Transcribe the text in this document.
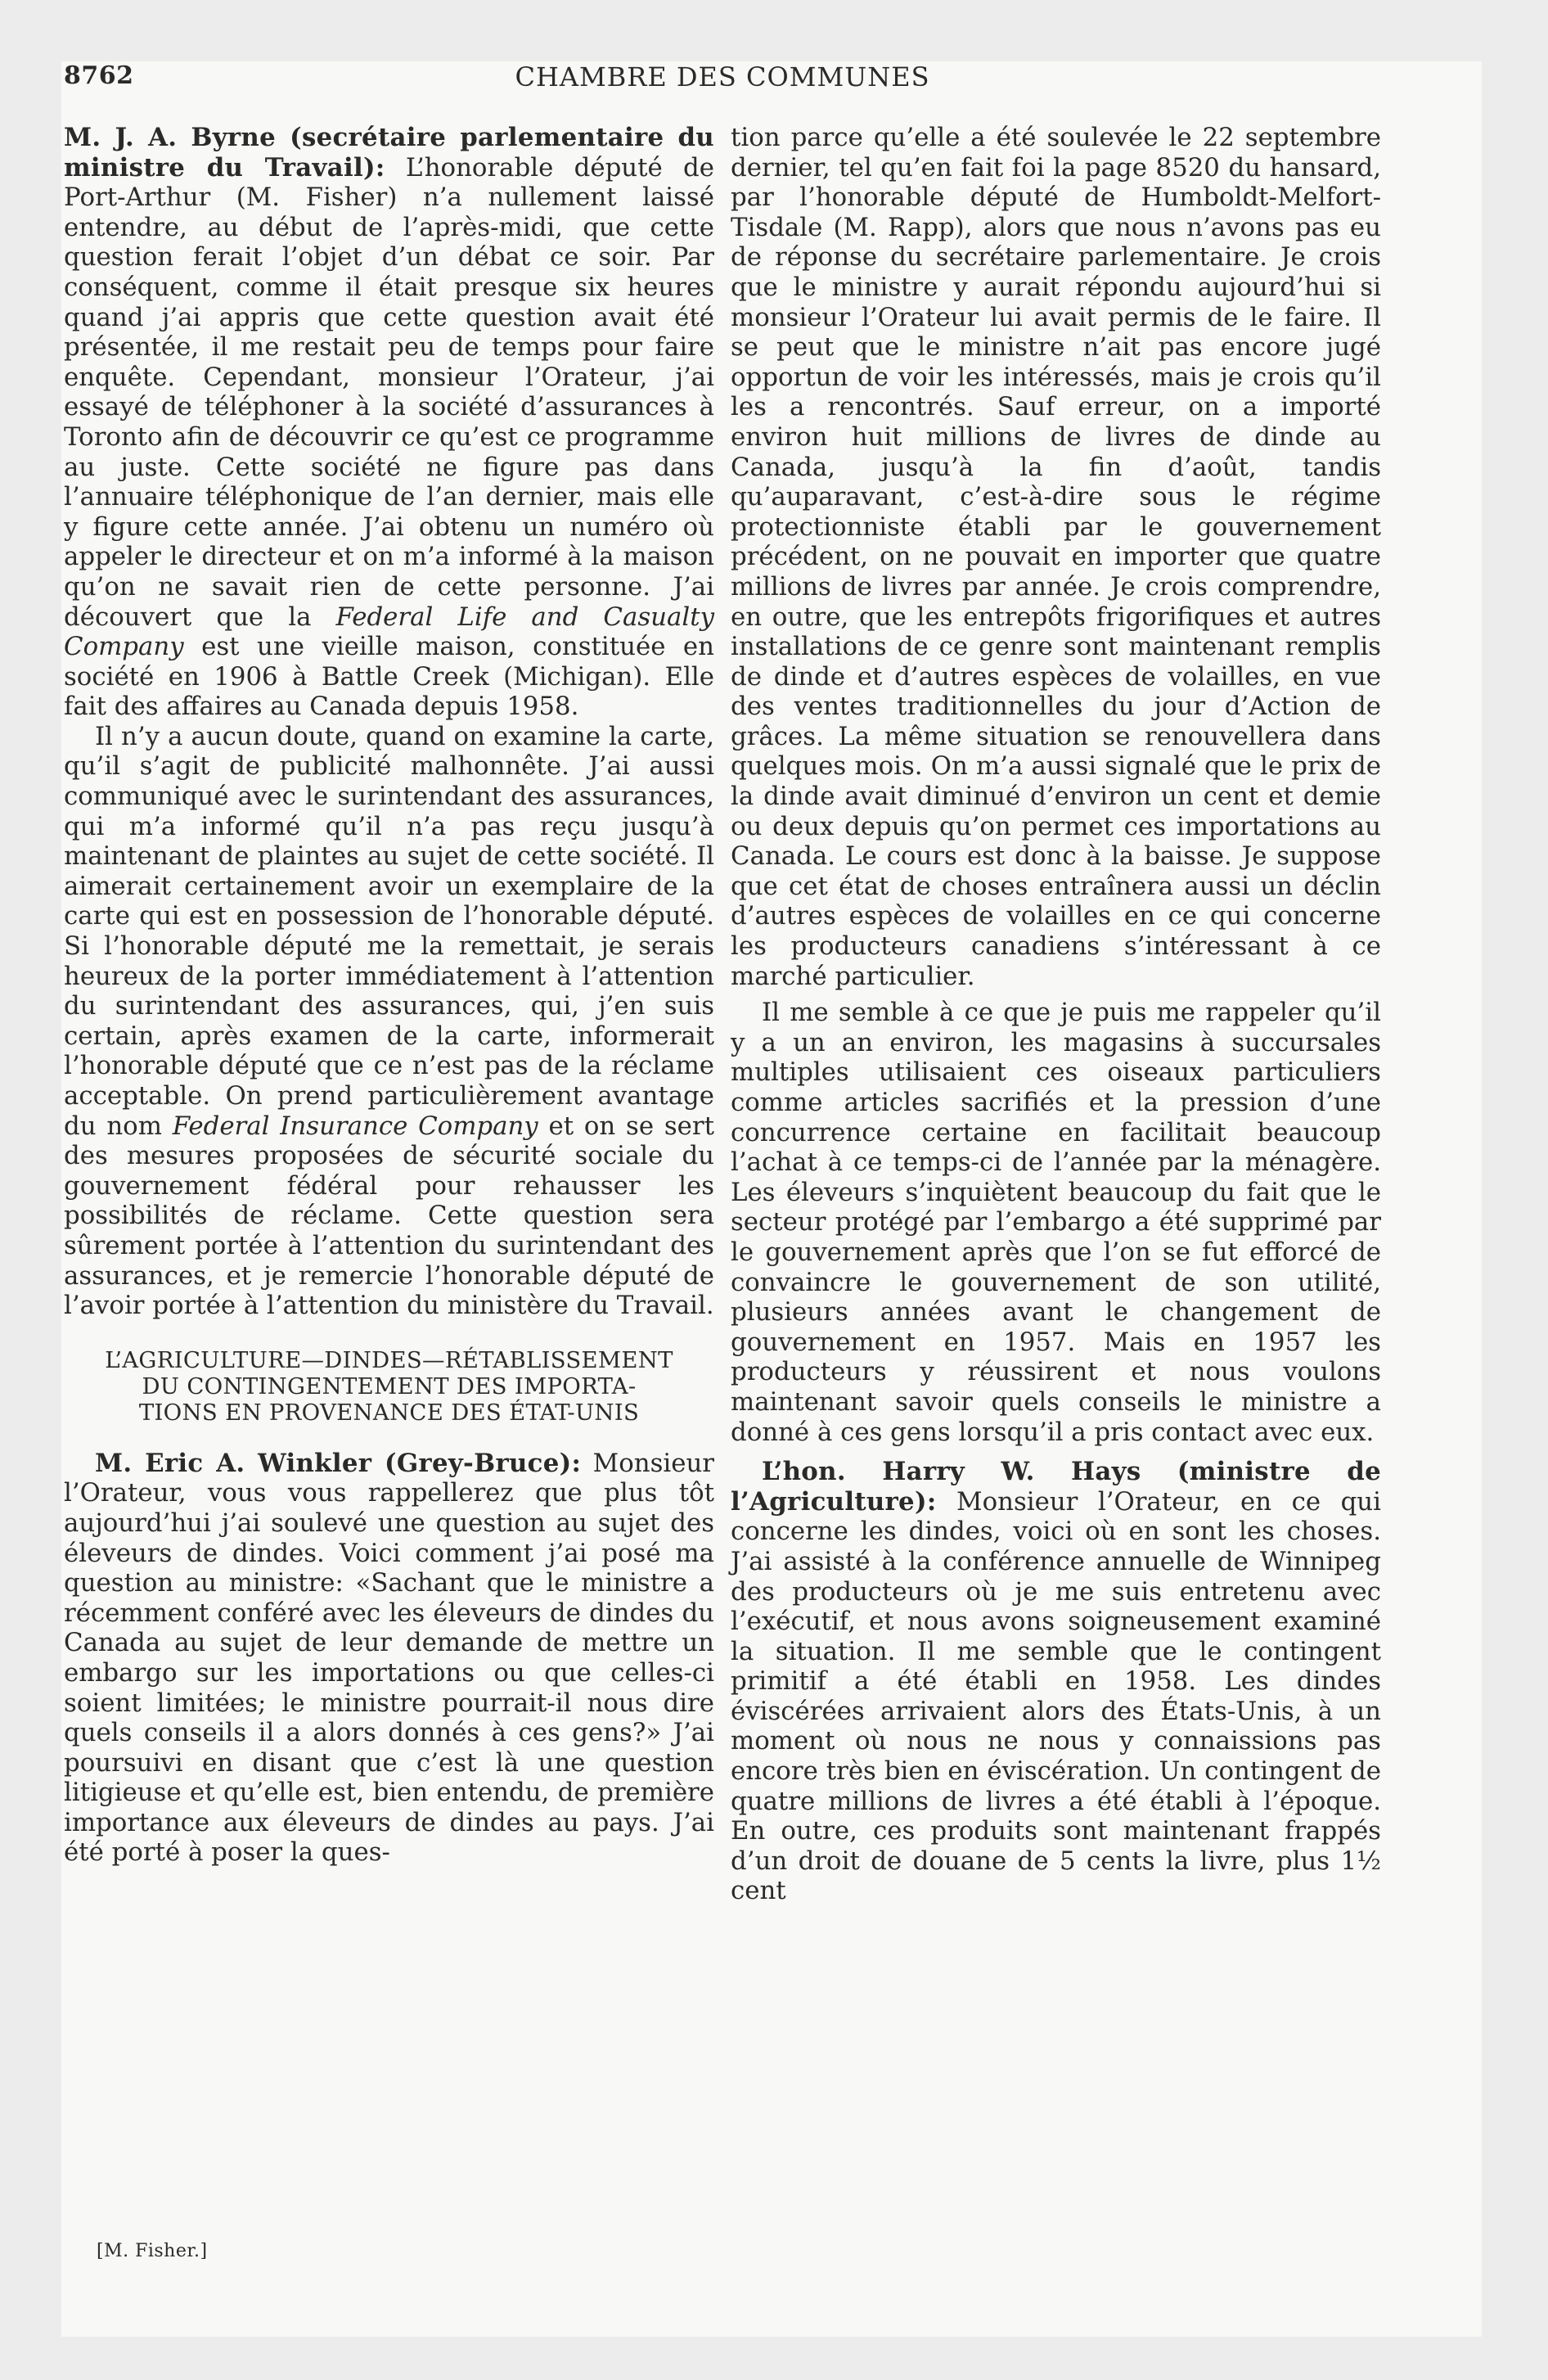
8762	CHAMBRE DES COMMUNES

M. J. A. Byrne (secrétaire parlementaire du ministre du Travail): L’honorable député de Port-Arthur (M. Fisher) n’a nullement laissé entendre, au début de l’après-midi, que cette question ferait l’objet d’un débat ce soir. Par conséquent, comme il était presque six heures quand j’ai appris que cette question avait été présentée, il me restait peu de temps pour faire enquête. Cependant, monsieur l’Orateur, j’ai essayé de téléphoner à la société d’assurances à Toronto afin de découvrir ce qu’est ce programme au juste. Cette société ne figure pas dans l’annuaire téléphonique de l’an dernier, mais elle y figure cette année. J’ai obtenu un numéro où appeler le directeur et on m’a informé à la maison qu’on ne savait rien de cette personne. J’ai découvert que la Federal Life and Casualty Company est une vieille maison, constituée en société en 1906 à Battle Creek (Michigan). Elle fait des affaires au Canada depuis 1958.

Il n’y a aucun doute, quand on examine la carte, qu’il s’agit de publicité malhonnête. J’ai aussi communiqué avec le surintendant des assurances, qui m’a informé qu’il n’a pas reçu jusqu’à maintenant de plaintes au sujet de cette société. Il aimerait certainement avoir un exemplaire de la carte qui est en possession de l’honorable député. Si l’honorable député me la remettait, je serais heureux de la porter immédiatement à l’attention du surintendant des assurances, qui, j’en suis certain, après examen de la carte, informerait l’honorable député que ce n’est pas de la réclame acceptable. On prend particulièrement avantage du nom Federal Insurance Company et on se sert des mesures proposées de sécurité sociale du gouvernement fédéral pour rehausser les possibilités de réclame. Cette question sera sûrement portée à l’attention du surintendant des assurances, et je remercie l’honorable député de l’avoir portée à l’attention du ministère du Travail.

L’AGRICULTURE—DINDES—RÉTABLISSEMENT
DU CONTINGENTEMENT DES IMPORTA-
TIONS EN PROVENANCE DES ÉTAT-UNIS

M. Eric A. Winkler (Grey-Bruce): Monsieur l’Orateur, vous vous rappellerez que plus tôt aujourd’hui j’ai soulevé une question au sujet des éleveurs de dindes. Voici comment j’ai posé ma question au ministre: «Sachant que le ministre a récemment conféré avec les éleveurs de dindes du Canada au sujet de leur demande de mettre un embargo sur les importations ou que celles-ci soient limitées; le ministre pourrait-il nous dire quels conseils il a alors donnés à ces gens?» J’ai poursuivi en disant que c’est là une question litigieuse et qu’elle est, bien entendu, de première importance aux éleveurs de dindes au pays. J’ai été porté à poser la ques-

tion parce qu’elle a été soulevée le 22 septembre dernier, tel qu’en fait foi la page 8520 du hansard, par l’honorable député de Humboldt-Melfort-Tisdale (M. Rapp), alors que nous n’avons pas eu de réponse du secrétaire parlementaire. Je crois que le ministre y aurait répondu aujourd’hui si monsieur l’Orateur lui avait permis de le faire. Il se peut que le ministre n’ait pas encore jugé opportun de voir les intéressés, mais je crois qu’il les a rencontrés. Sauf erreur, on a importé environ huit millions de livres de dinde au Canada, jusqu’à la fin d’août, tandis qu’auparavant, c’est-à-dire sous le régime protectionniste établi par le gouvernement précédent, on ne pouvait en importer que quatre millions de livres par année. Je crois comprendre, en outre, que les entrepôts frigorifiques et autres installations de ce genre sont maintenant remplis de dinde et d’autres espèces de volailles, en vue des ventes traditionnelles du jour d’Action de grâces. La même situation se renouvellera dans quelques mois. On m’a aussi signalé que le prix de la dinde avait diminué d’environ un cent et demie ou deux depuis qu’on permet ces importations au Canada. Le cours est donc à la baisse. Je suppose que cet état de choses entraînera aussi un déclin d’autres espèces de volailles en ce qui concerne les producteurs canadiens s’intéressant à ce marché particulier.

Il me semble à ce que je puis me rappeler qu’il y a un an environ, les magasins à succursales multiples utilisaient ces oiseaux particuliers comme articles sacrifiés et la pression d’une concurrence certaine en facilitait beaucoup l’achat à ce temps-ci de l’année par la ménagère. Les éleveurs s’inquiètent beaucoup du fait que le secteur protégé par l’embargo a été supprimé par le gouvernement après que l’on se fut efforcé de convaincre le gouvernement de son utilité, plusieurs années avant le changement de gouvernement en 1957. Mais en 1957 les producteurs y réussirent et nous voulons maintenant savoir quels conseils le ministre a donné à ces gens lorsqu’il a pris contact avec eux.

L’hon. Harry W. Hays (ministre de l’Agriculture): Monsieur l’Orateur, en ce qui concerne les dindes, voici où en sont les choses. J’ai assisté à la conférence annuelle de Winnipeg des producteurs où je me suis entretenu avec l’exécutif, et nous avons soigneusement examiné la situation. Il me semble que le contingent primitif a été établi en 1958. Les dindes éviscérées arrivaient alors des États-Unis, à un moment où nous ne nous y connaissions pas encore très bien en éviscération. Un contingent de quatre millions de livres a été établi à l’époque. En outre, ces produits sont maintenant frappés d’un droit de douane de 5 cents la livre, plus 1½ cent

[M. Fisher.]
